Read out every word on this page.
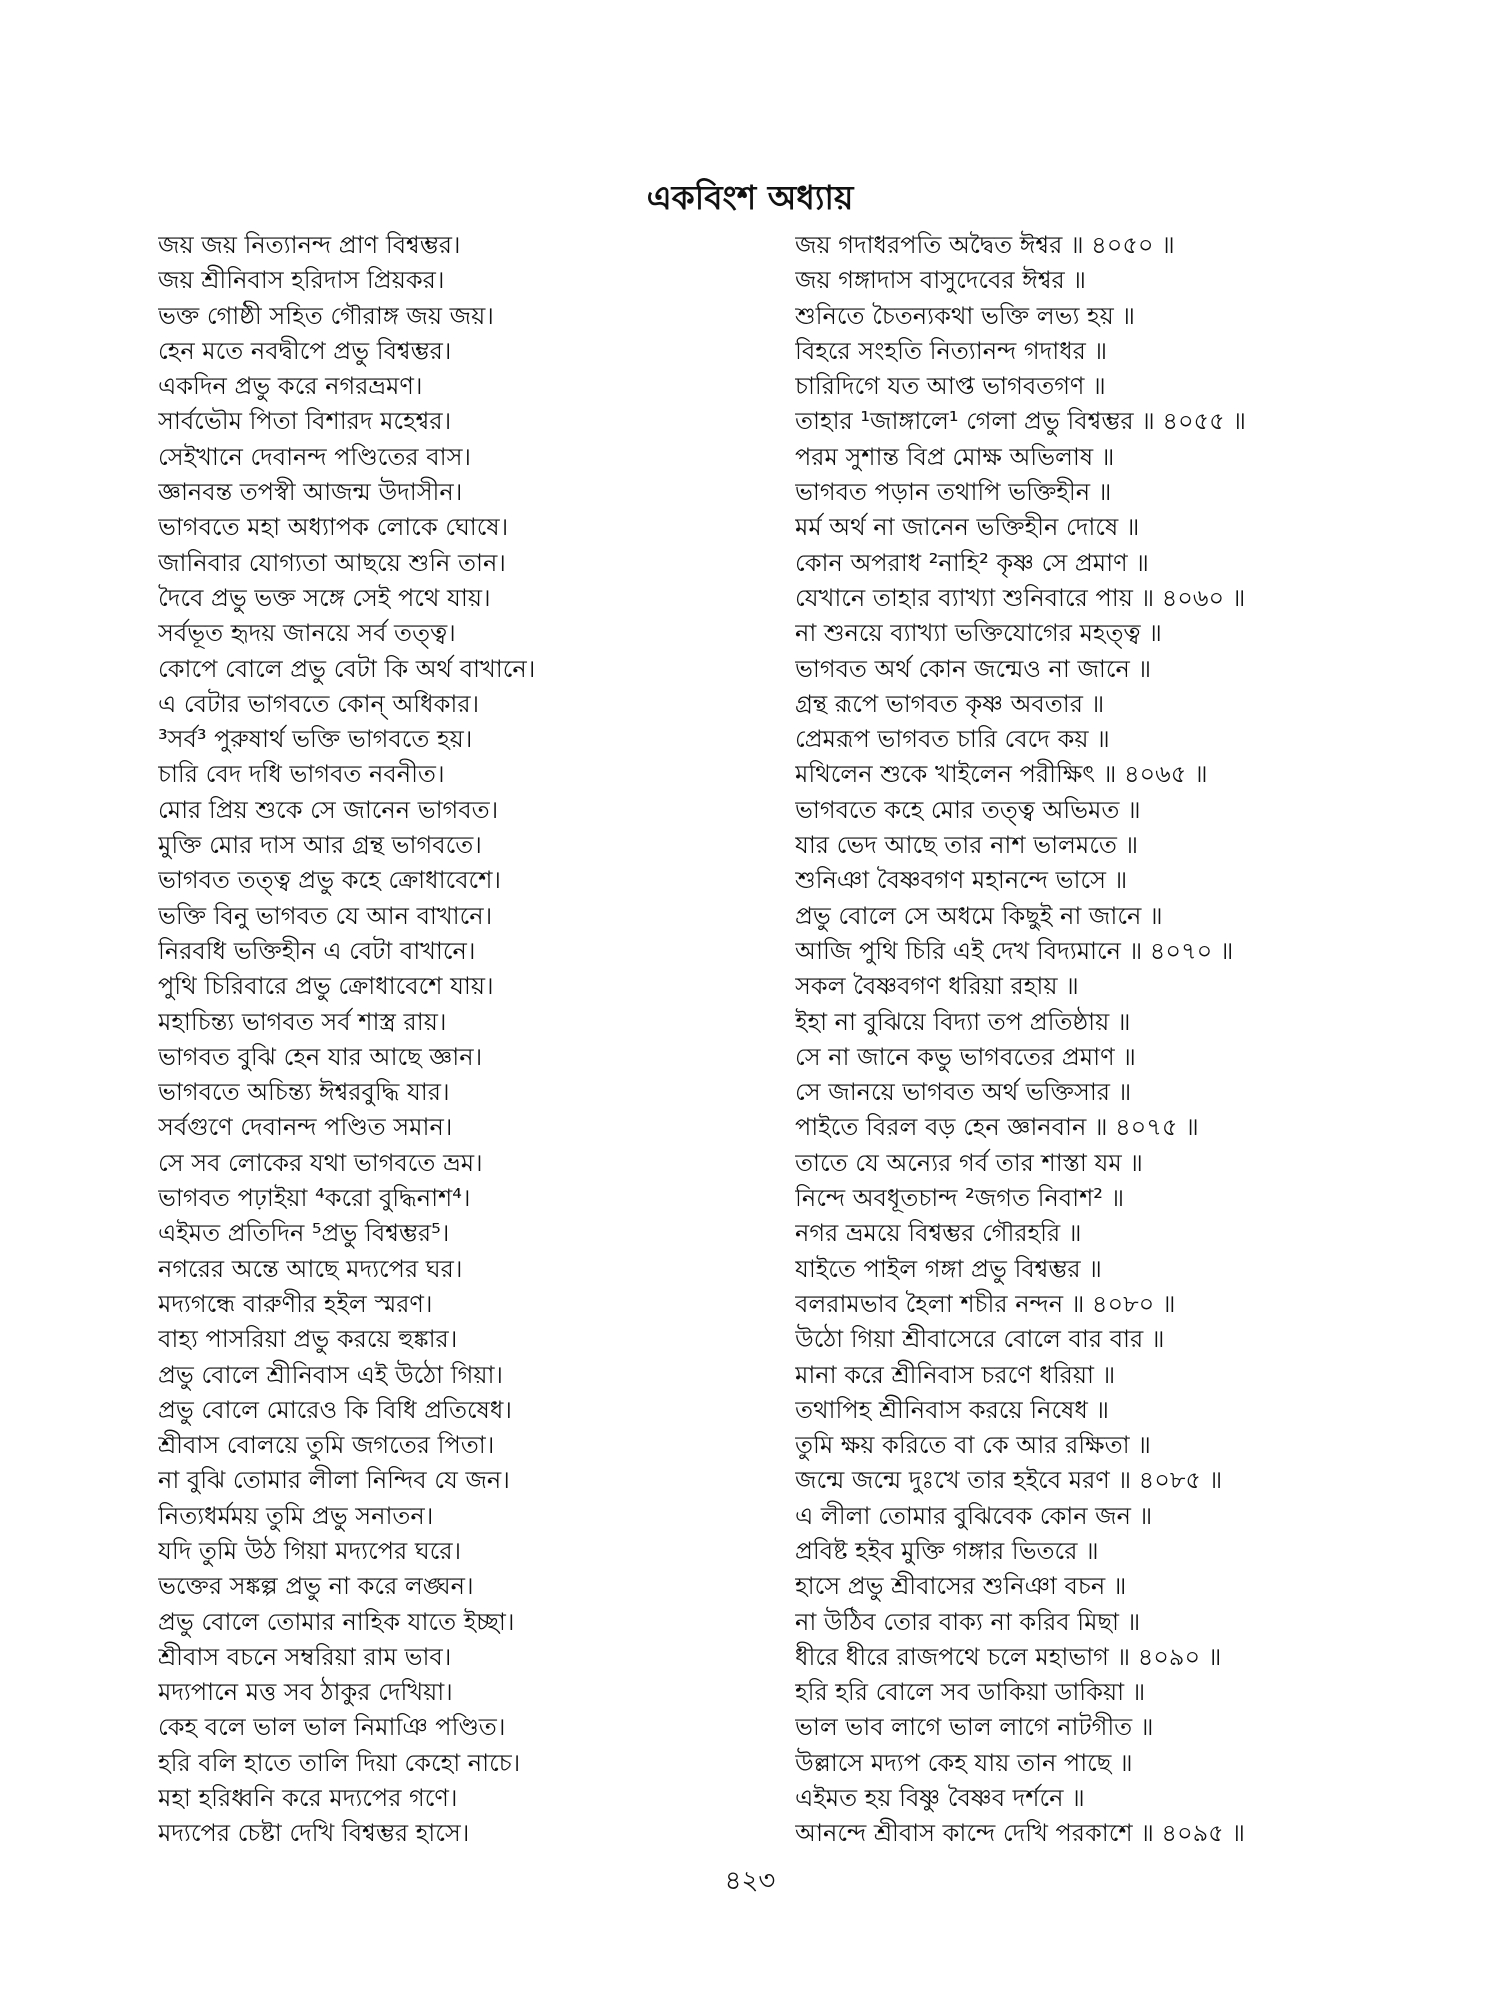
একবিংশ অধ্যায়
জয় জয় নিত্যানন্দ প্রাণ বিশ্বম্ভর।
জয় শ্রীনিবাস হরিদাস প্রিয়কর।
ভক্ত গোষ্ঠী সহিত গৌরাঙ্গ জয় জয়।
হেন মতে নবদ্বীপে প্রভু বিশ্বম্ভর।
একদিন প্রভু করে নগরভ্রমণ।
সার্বভৌম পিতা বিশারদ মহেশ্বর।
সেইখানে দেবানন্দ পণ্ডিতের বাস।
জ্ঞানবন্ত তপস্বী আজন্ম উদাসীন।
ভাগবতে মহা অধ্যাপক লোকে ঘোষে।
জানিবার যোগ্যতা আছয়ে শুনি তান।
দৈবে প্রভু ভক্ত সঙ্গে সেই পথে যায়।
সর্বভূত হৃদয় জানয়ে সর্ব তত্ত্ব।
কোপে বোলে প্রভু বেটা কি অর্থ বাখানে।
এ বেটার ভাগবতে কোন্ অধিকার।
³সর্ব³ পুরুষার্থ ভক্তি ভাগবতে হয়।
চারি বেদ দধি ভাগবত নবনীত।
মোর প্রিয় শুকে সে জানেন ভাগবত।
মুক্তি মোর দাস আর গ্রন্থ ভাগবতে।
ভাগবত তত্ত্ব প্রভু কহে ক্রোধাবেশে।
ভক্তি বিনু ভাগবত যে আন বাখানে।
নিরবধি ভক্তিহীন এ বেটা বাখানে।
পুথি চিরিবারে প্রভু ক্রোধাবেশে যায়।
মহাচিন্ত্য ভাগবত সর্ব শাস্ত্র রায়।
ভাগবত বুঝি হেন যার আছে জ্ঞান।
ভাগবতে অচিন্ত্য ঈশ্বরবুদ্ধি যার।
সর্বগুণে দেবানন্দ পণ্ডিত সমান।
সে সব লোকের যথা ভাগবতে ভ্রম।
ভাগবত পঢ়াইয়া ⁴করো বুদ্ধিনাশ⁴।
এইমত প্রতিদিন ⁵প্রভু বিশ্বম্ভর⁵।
নগরের অন্তে আছে মদ্যপের ঘর।
মদ্যগন্ধে বারুণীর হইল স্মরণ।
বাহ্য পাসরিয়া প্রভু করয়ে হুঙ্কার।
প্রভু বোলে শ্রীনিবাস এই উঠো গিয়া।
প্রভু বোলে মোরেও কি বিধি প্রতিষেধ।
শ্রীবাস বোলয়ে তুমি জগতের পিতা।
না বুঝি তোমার লীলা নিন্দিব যে জন।
নিত্যধর্মময় তুমি প্রভু সনাতন।
যদি তুমি উঠ গিয়া মদ্যপের ঘরে।
ভক্তের সঙ্কল্প প্রভু না করে লঙ্ঘন।
প্রভু বোলে তোমার নাহিক যাতে ইচ্ছা।
শ্রীবাস বচনে সম্বরিয়া রাম ভাব।
মদ্যপানে মত্ত সব ঠাকুর দেখিয়া।
কেহ বলে ভাল ভাল নিমাঞি পণ্ডিত।
হরি বলি হাতে তালি দিয়া কেহো নাচে।
মহা হরিধ্বনি করে মদ্যপের গণে।
মদ্যপের চেষ্টা দেখি বিশ্বম্ভর হাসে।
জয় গদাধরপতি অদ্বৈত ঈশ্বর ॥ ৪০৫০ ॥
জয় গঙ্গাদাস বাসুদেবের ঈশ্বর ॥
শুনিতে চৈতন্যকথা ভক্তি লভ্য হয় ॥
বিহরে সংহতি নিত্যানন্দ গদাধর ॥
চারিদিগে যত আপ্ত ভাগবতগণ ॥
তাহার ¹জাঙ্গালে¹ গেলা প্রভু বিশ্বম্ভর ॥ ৪০৫৫ ॥
পরম সুশান্ত বিপ্র মোক্ষ অভিলাষ ॥
ভাগবত পড়ান তথাপি ভক্তিহীন ॥
মর্ম অর্থ না জানেন ভক্তিহীন দোষে ॥
কোন অপরাধ ²নাহি² কৃষ্ণ সে প্রমাণ ॥
যেখানে তাহার ব্যাখ্যা শুনিবারে পায় ॥ ৪০৬০ ॥
না শুনয়ে ব্যাখ্যা ভক্তিযোগের মহত্ত্ব ॥
ভাগবত অর্থ কোন জন্মেও না জানে ॥
গ্রন্থ রূপে ভাগবত কৃষ্ণ অবতার ॥
প্রেমরূপ ভাগবত চারি বেদে কয় ॥
মথিলেন শুকে খাইলেন পরীক্ষিৎ ॥ ৪০৬৫ ॥
ভাগবতে কহে মোর তত্ত্ব অভিমত ॥
যার ভেদ আছে তার নাশ ভালমতে ॥
শুনিঞা বৈষ্ণবগণ মহানন্দে ভাসে ॥
প্রভু বোলে সে অধমে কিছুই না জানে ॥
আজি পুথি চিরি এই দেখ বিদ্যমানে ॥ ৪০৭০ ॥
সকল বৈষ্ণবগণ ধরিয়া রহায় ॥
ইহা না বুঝিয়ে বিদ্যা তপ প্রতিষ্ঠায় ॥
সে না জানে কভু ভাগবতের প্রমাণ ॥
সে জানয়ে ভাগবত অর্থ ভক্তিসার ॥
পাইতে বিরল বড় হেন জ্ঞানবান ॥ ৪০৭৫ ॥
তাতে যে অন্যের গর্ব তার শাস্তা যম ॥
নিন্দে অবধূতচান্দ ²জগত নিবাশ² ॥
নগর ভ্রময়ে বিশ্বম্ভর গৌরহরি ॥
যাইতে পাইল গঙ্গা প্রভু বিশ্বম্ভর ॥
বলরামভাব হৈলা শচীর নন্দন ॥ ৪০৮০ ॥
উঠো গিয়া শ্রীবাসেরে বোলে বার বার ॥
মানা করে শ্রীনিবাস চরণে ধরিয়া ॥
তথাপিহ শ্রীনিবাস করয়ে নিষেধ ॥
তুমি ক্ষয় করিতে বা কে আর রক্ষিতা ॥
জন্মে জন্মে দুঃখে তার হইবে মরণ ॥ ৪০৮৫ ॥
এ লীলা তোমার বুঝিবেক কোন জন ॥
প্রবিষ্ট হইব মুক্তি গঙ্গার ভিতরে ॥
হাসে প্রভু শ্রীবাসের শুনিঞা বচন ॥
না উঠিব তোর বাক্য না করিব মিছা ॥
ধীরে ধীরে রাজপথে চলে মহাভাগ ॥ ৪০৯০ ॥
হরি হরি বোলে সব ডাকিয়া ডাকিয়া ॥
ভাল ভাব লাগে ভাল লাগে নাটগীত ॥
উল্লাসে মদ্যপ কেহ যায় তান পাছে ॥
এইমত হয় বিষ্ণু বৈষ্ণব দর্শনে ॥
আনন্দে শ্রীবাস কান্দে দেখি পরকাশে ॥ ৪০৯৫ ॥
৪২৩
